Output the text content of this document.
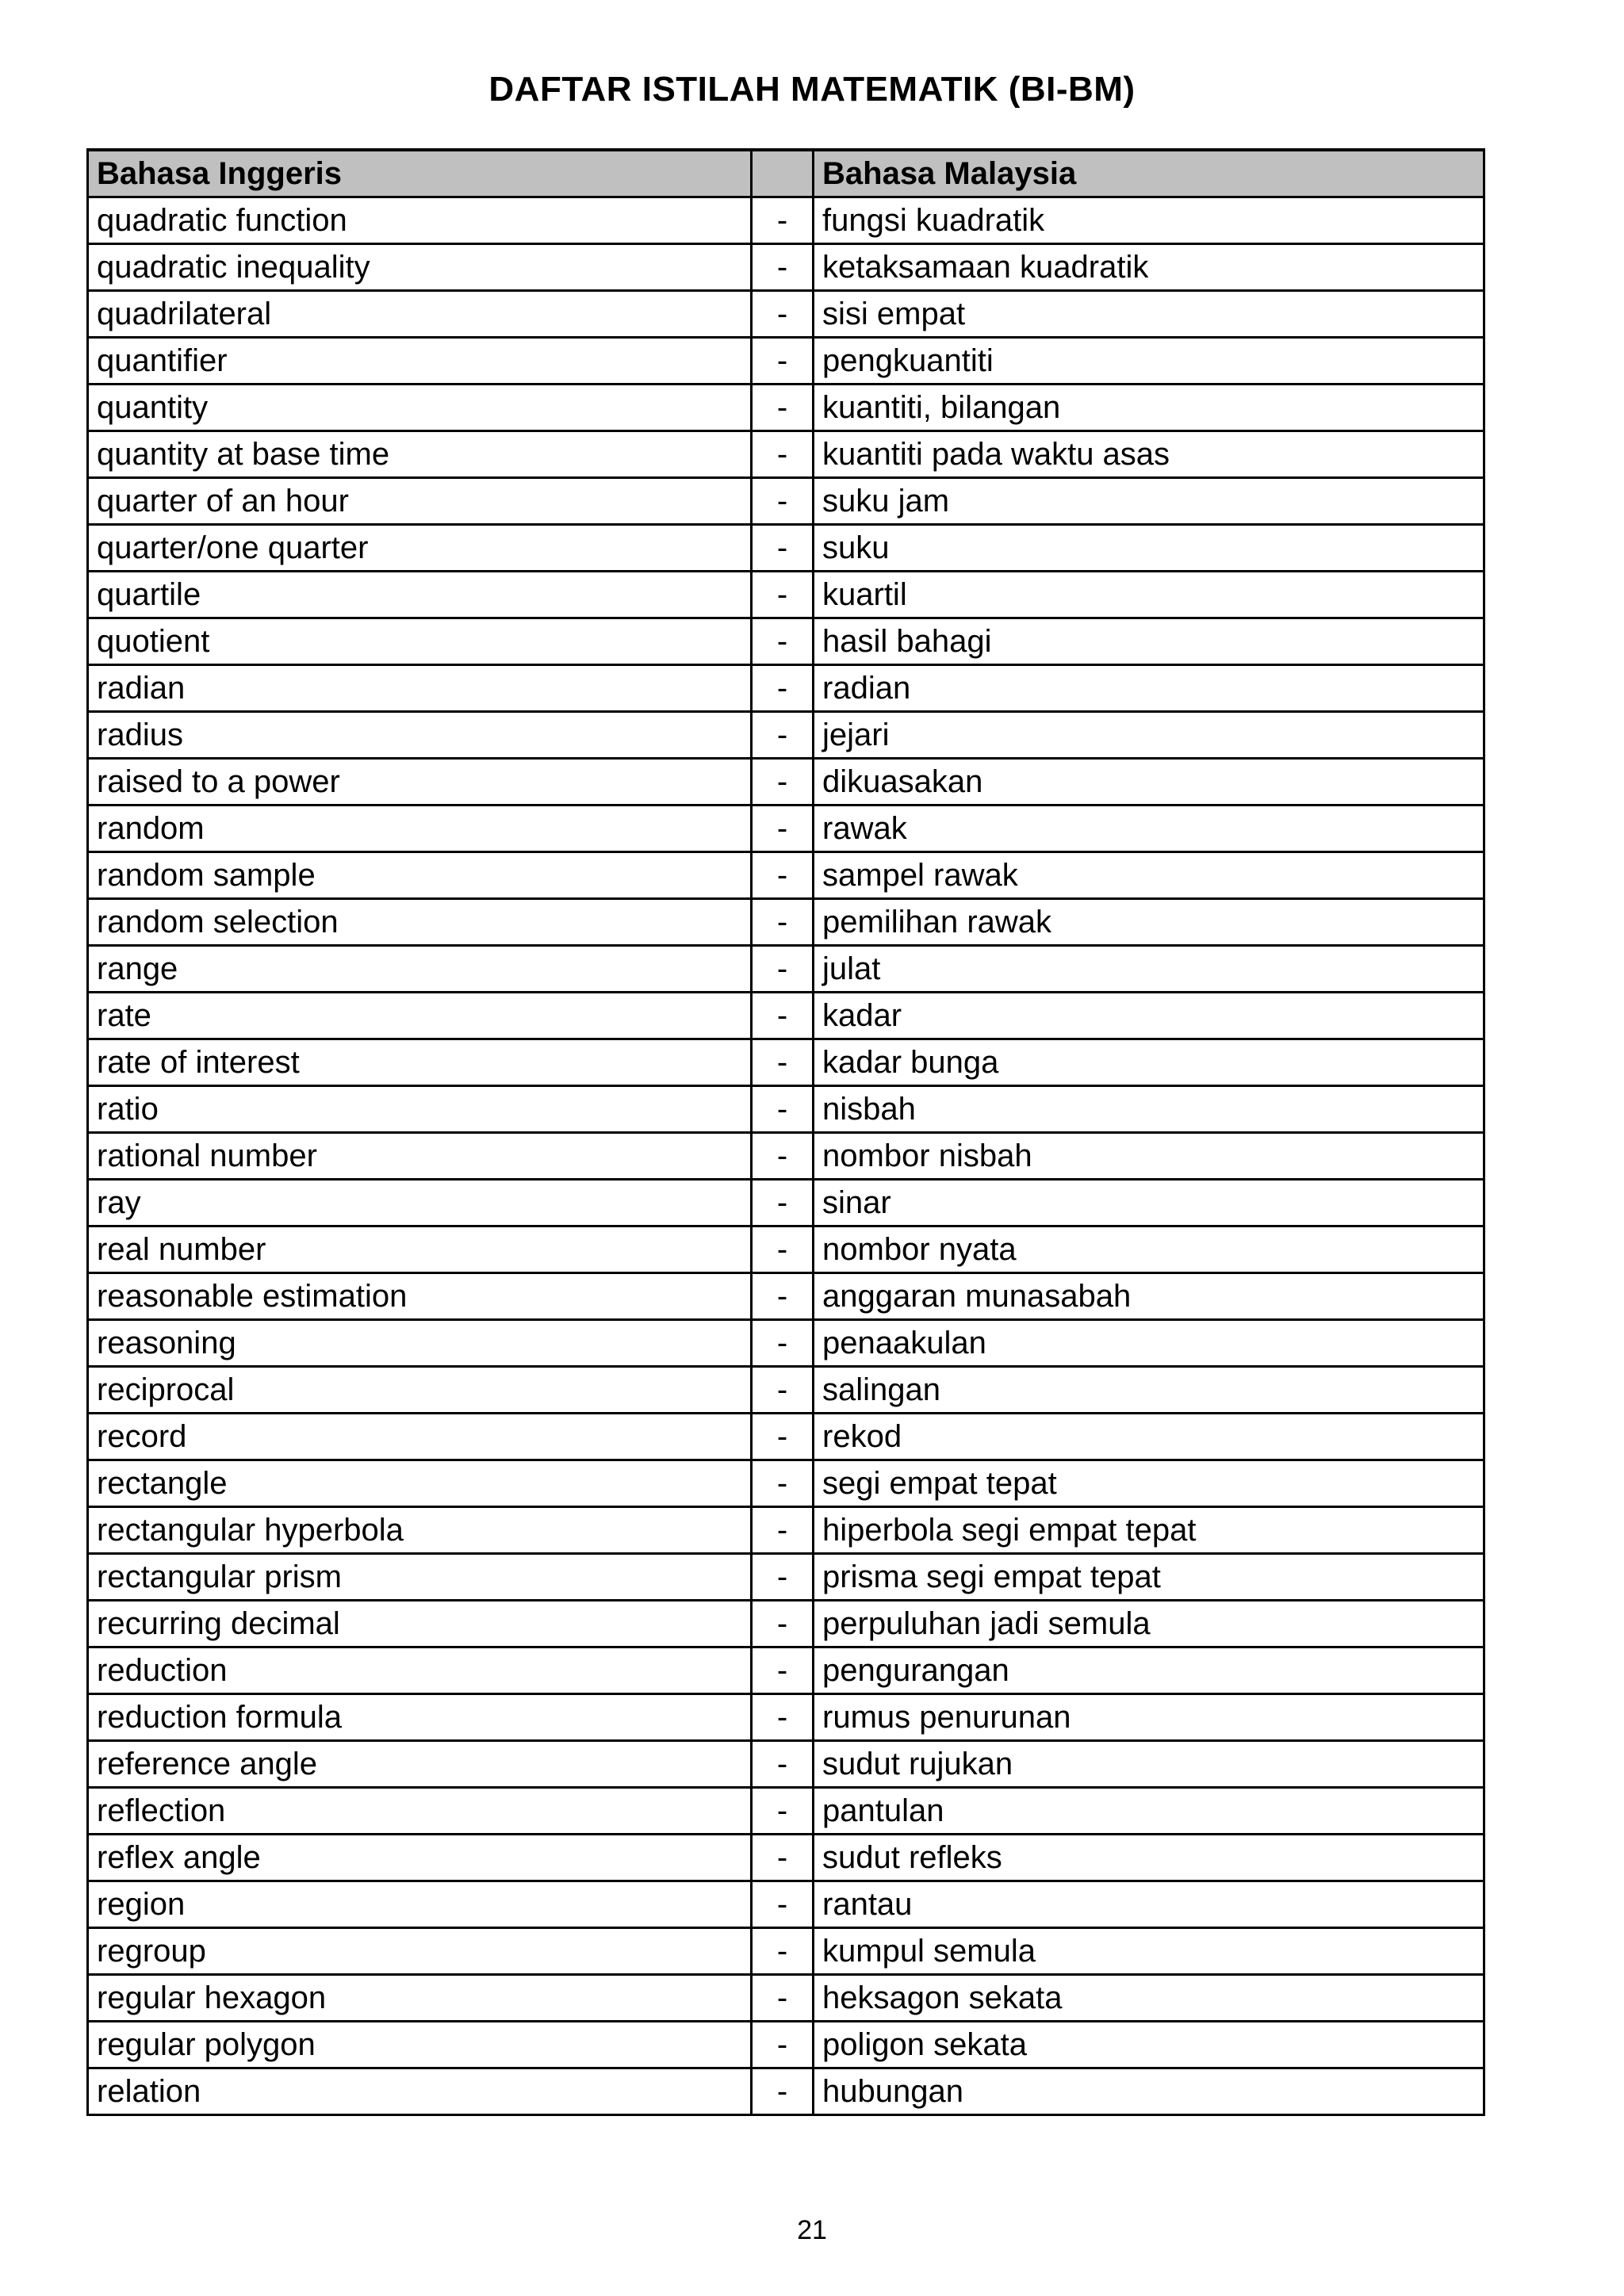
DAFTAR ISTILAH MATEMATIK (BI-BM)
Bahasa Inggeris		Bahasa Malaysia
quadratic function	-	fungsi kuadratik
quadratic inequality	-	ketaksamaan kuadratik
quadrilateral	-	sisi empat
quantifier	-	pengkuantiti
quantity	-	kuantiti, bilangan
quantity at base time	-	kuantiti pada waktu asas
quarter of an hour	-	suku jam
quarter/one quarter	-	suku
quartile	-	kuartil
quotient	-	hasil bahagi
radian	-	radian
radius	-	jejari
raised to a power	-	dikuasakan
random	-	rawak
random sample	-	sampel rawak
random selection	-	pemilihan rawak
range	-	julat
rate	-	kadar
rate of interest	-	kadar bunga
ratio	-	nisbah
rational number	-	nombor nisbah
ray	-	sinar
real number	-	nombor nyata
reasonable estimation	-	anggaran munasabah
reasoning	-	penaakulan
reciprocal	-	salingan
record	-	rekod
rectangle	-	segi empat tepat
rectangular hyperbola	-	hiperbola segi empat tepat
rectangular prism	-	prisma segi empat tepat
recurring decimal	-	perpuluhan jadi semula
reduction	-	pengurangan
reduction formula	-	rumus penurunan
reference angle	-	sudut rujukan
reflection	-	pantulan
reflex angle	-	sudut refleks
region	-	rantau
regroup	-	kumpul semula
regular hexagon	-	heksagon sekata
regular polygon	-	poligon sekata
relation	-	hubungan
21
